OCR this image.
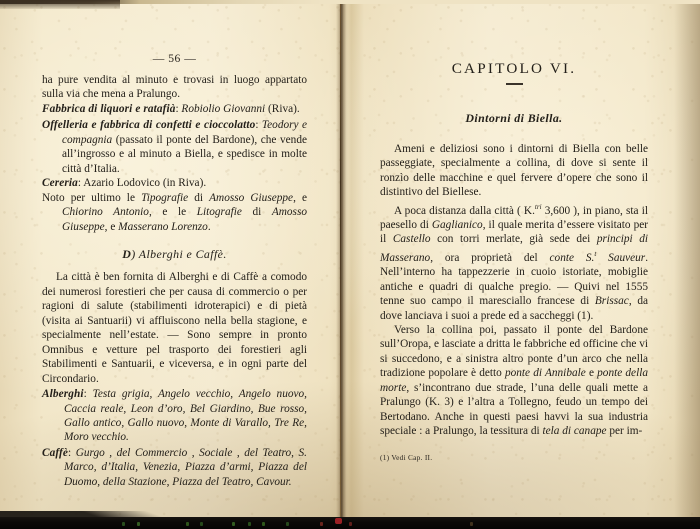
— 56 —

ha pure vendita al minuto e trovasi in luogo appartato sulla via che mena a Pralungo.

Fabbrica di liquori e ratafià: Robiolio Giovanni (Riva).

Offelleria e fabbrica di confetti e cioccolatto: Teodory e compagnia (passato il ponte del Bardone), che vende all’ingrosso e al minuto a Biella, e spedisce in molte città d’Italia.

Cereria: Azario Lodovico (in Riva).

Noto per ultimo le Tipografie di Amosso Giuseppe, e Chiorino Antonio, e le Litografie di Amosso Giuseppe, e Masserano Lorenzo.

D) Alberghi e Caffè.

La città è ben fornita di Alberghi e di Caffè a comodo dei numerosi forestieri che per causa di commercio o per ragioni di salute (stabilimenti idroterapici) e di pietà (visita ai Santuarii) vi affluiscono nella bella stagione, e specialmente nell’estate. — Sono sempre in pronto Omnibus e vetture pel trasporto dei forestieri agli Stabilimenti e Santuarii, e viceversa, e in ogni parte del Circondario.

Alberghi: Testa grigia, Angelo vecchio, Angelo nuovo, Caccia reale, Leon d’oro, Bel Giardino, Bue rosso, Gallo antico, Gallo nuovo, Monte di Varallo, Tre Re, Moro vecchio.

Caffè: Gurgo , del Commercio , Sociale , del Teatro, S. Marco, d’Italia, Venezia, Piazza d’armi, Piazza del Duomo, della Stazione, Piazza del Teatro, Cavour.

CAPITOLO VI.
Dintorni di Biella.

Ameni e deliziosi sono i dintorni di Biella con belle passeggiate, specialmente a collina, di dove si sente il ronzìo delle macchine e quel fervere d’opere che sono il distintivo del Biellese.

A poca distanza dalla città ( K.$^{tri}$ 3,600 ), in piano, sta il paesello di Gaglianico, il quale merita d’essere visitato per il Castello con torri merlate, già sede dei principi di Masserano, ora proprietà del conte S.$^t$ Sauveur. Nell’interno ha tappezzerie in cuoio istoriate, mobiglie antiche e quadri di qualche pregio. — Quivi nel 1555 tenne suo campo il maresciallo francese di Brissac, da dove lanciava i suoi a prede ed a saccheggi (1).

Verso la collina poi, passato il ponte del Bardone sull’Oropa, e lasciate a dritta le fabbriche ed officine che vi si succedono, e a sinistra altro ponte d’un arco che nella tradizione popolare è detto ponte di Annibale e ponte della morte, s’incontrano due strade, l’una delle quali mette a Pralungo (K. 3) e l’altra a Tollegno, feudo un tempo dei Bertodano. Anche in questi paesi havvi la sua industria speciale : a Pralungo, la tessitura di tela di canape per im-

(1) Vedi Cap. II.
